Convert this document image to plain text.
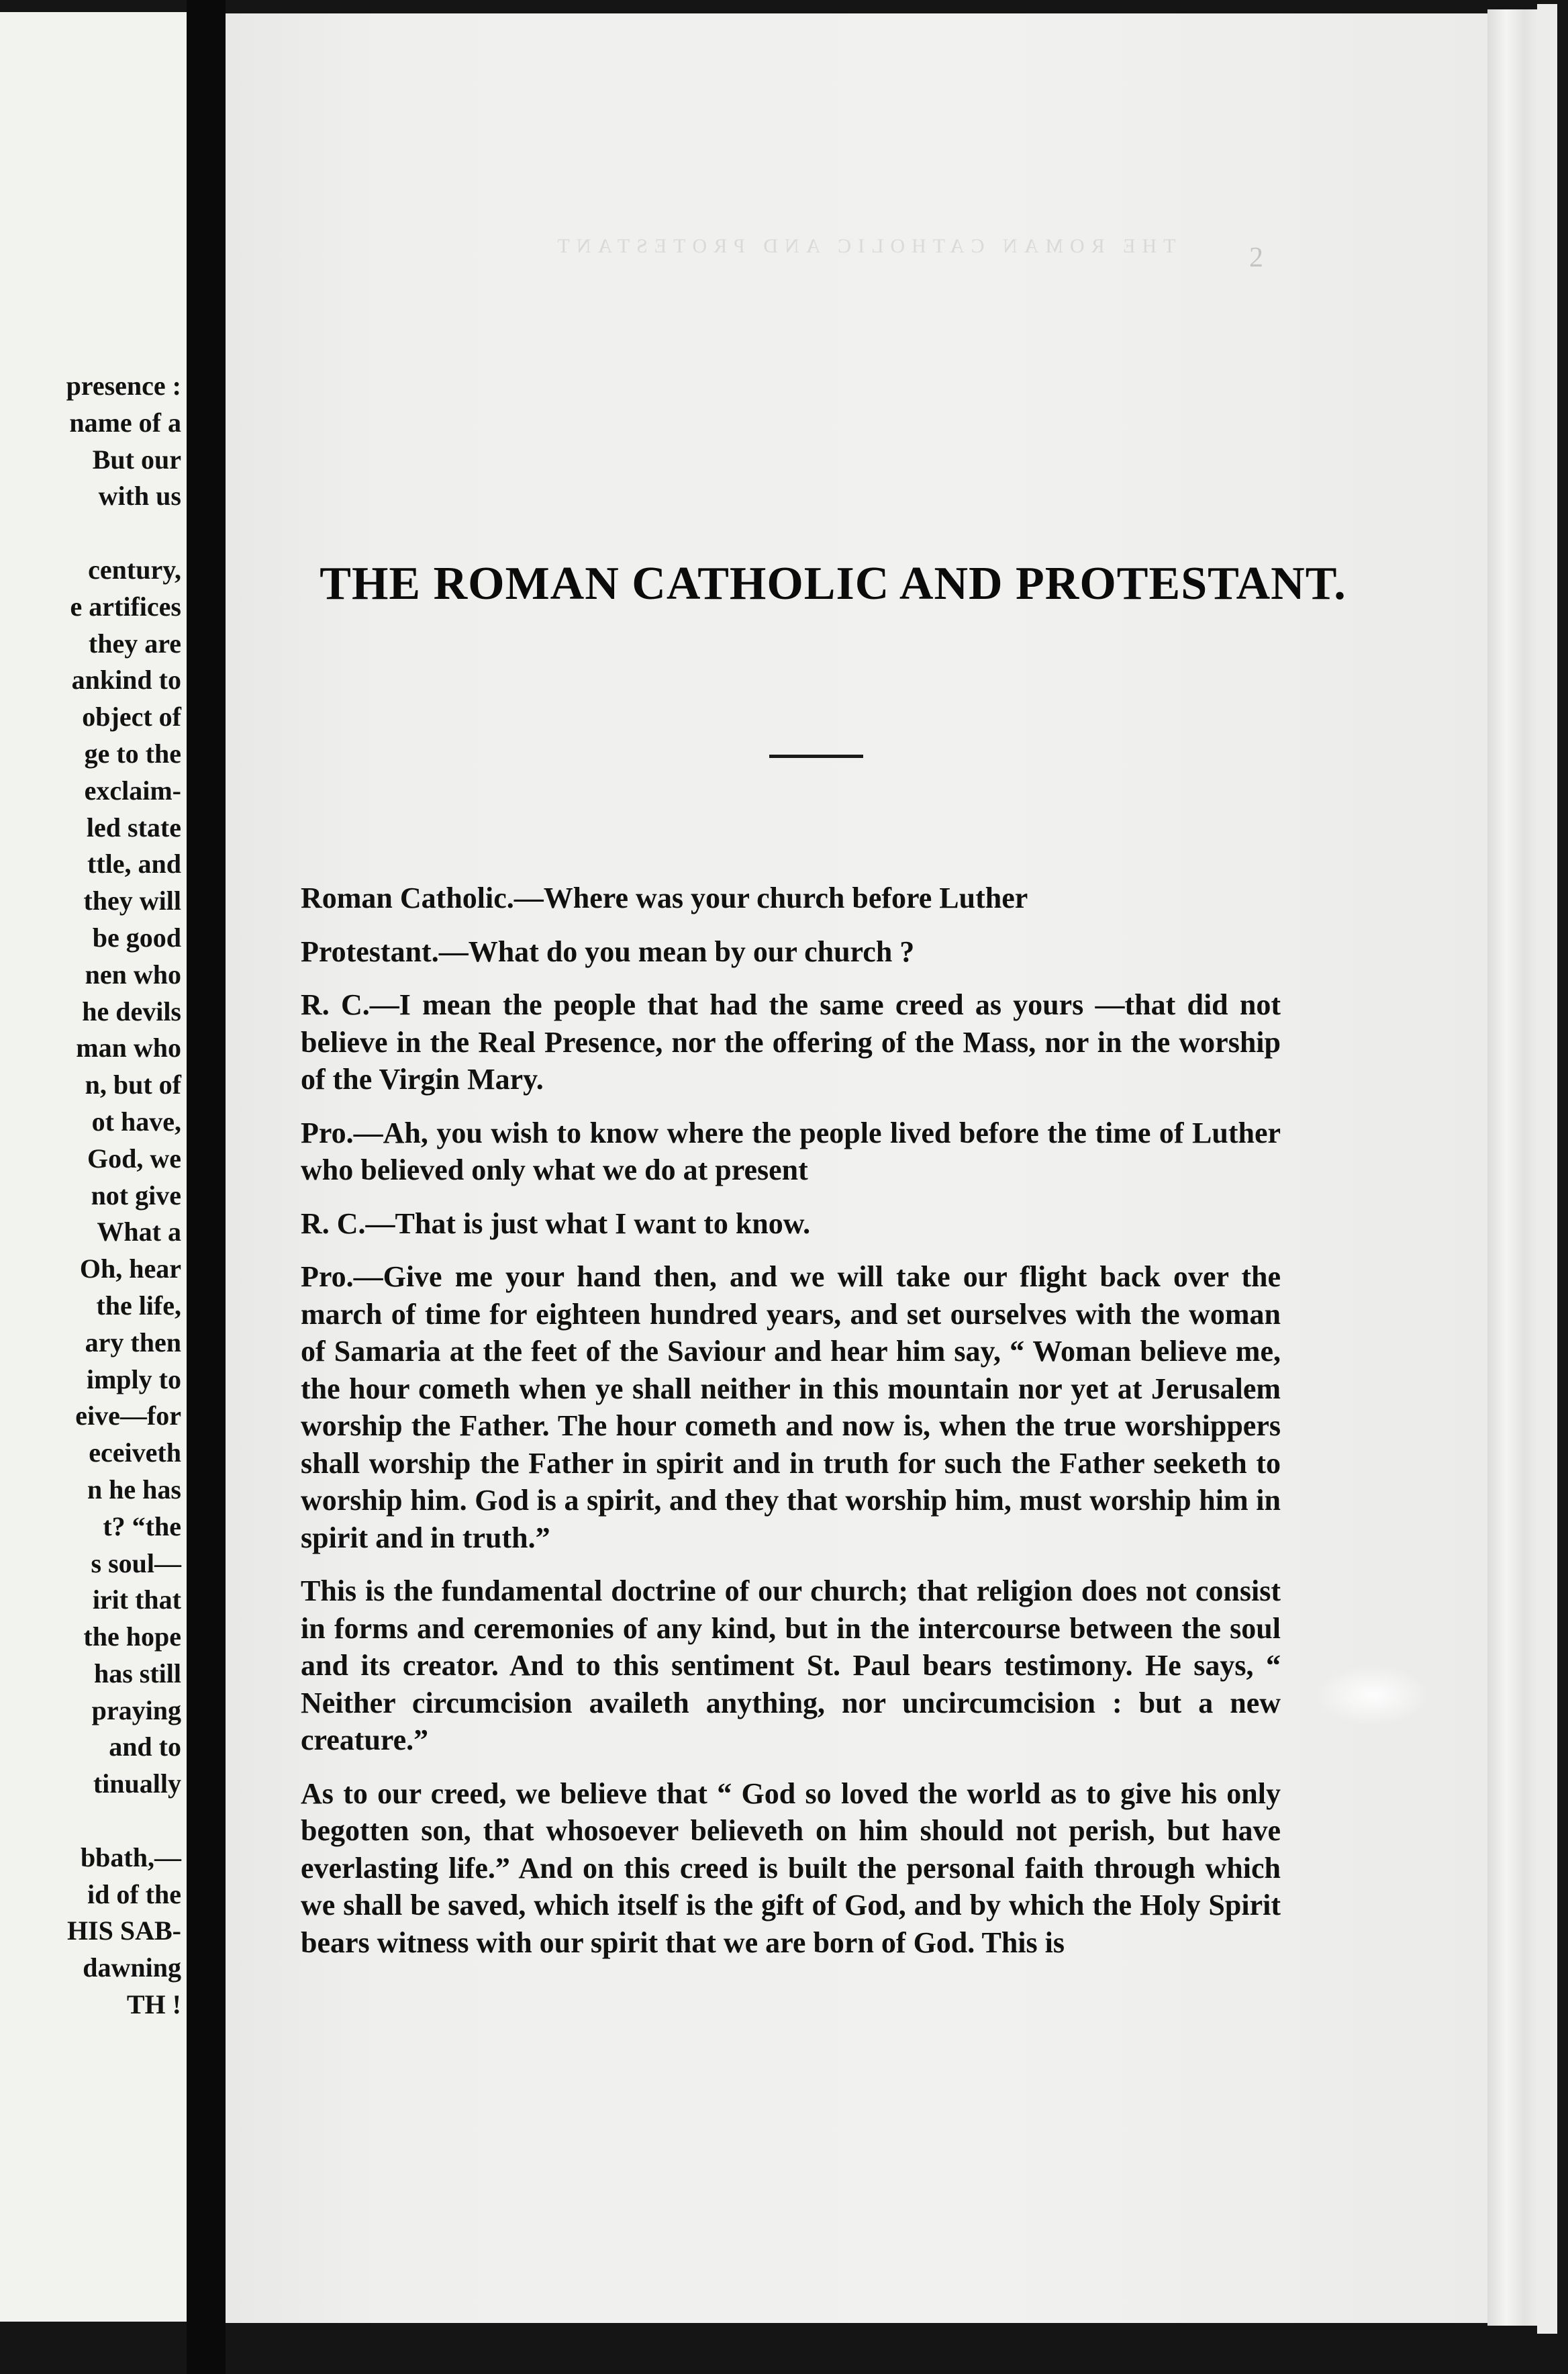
presence :
name of a
But our
with us
century,
e artifices
they are
ankind to
object of
ge to the
exclaim-
led state
ttle, and
they will
be good
nen who
he devils
man who
n, but of
ot have,
God, we
not give
What a
Oh, hear
the life,
ary then
imply to
eive—for
eceiveth
n he has
t? “the
s soul—
irit that
the hope
has still
praying
and to
tinually
bbath,—
id of the
HIS SAB-
dawning
TH !
THE ROMAN CATHOLIC AND PROTESTANT	2
THE ROMAN CATHOLIC AND PROTESTANT.

Roman Catholic.—Where was your church before Luther

Protestant.—What do you mean by our church ?

R. C.—I mean the people that had the same creed as yours —that did not believe in the Real Presence, nor the offering of the Mass, nor in the worship of the Virgin Mary.

Pro.—Ah, you wish to know where the people lived before the time of Luther who believed only what we do at present

R. C.—That is just what I want to know.

Pro.—Give me your hand then, and we will take our flight back over the march of time for eighteen hundred years, and set ourselves with the woman of Samaria at the feet of the Saviour and hear him say, “ Woman believe me, the hour cometh when ye shall neither in this mountain nor yet at Jerusalem worship the Father. The hour cometh and now is, when the true worshippers shall worship the Father in spirit and in truth for such the Father seeketh to worship him. God is a spirit, and they that worship him, must worship him in spirit and in truth.”

This is the fundamental doctrine of our church; that religion does not consist in forms and ceremonies of any kind, but in the intercourse between the soul and its creator. And to this sentiment St. Paul bears testimony. He says, “ Neither circumcision availeth anything, nor uncircumcision : but a new creature.”

As to our creed, we believe that “ God so loved the world as to give his only begotten son, that whosoever believeth on him should not perish, but have everlasting life.” And on this creed is built the personal faith through which we shall be saved, which itself is the gift of God, and by which the Holy Spirit bears witness with our spirit that we are born of God. This is
